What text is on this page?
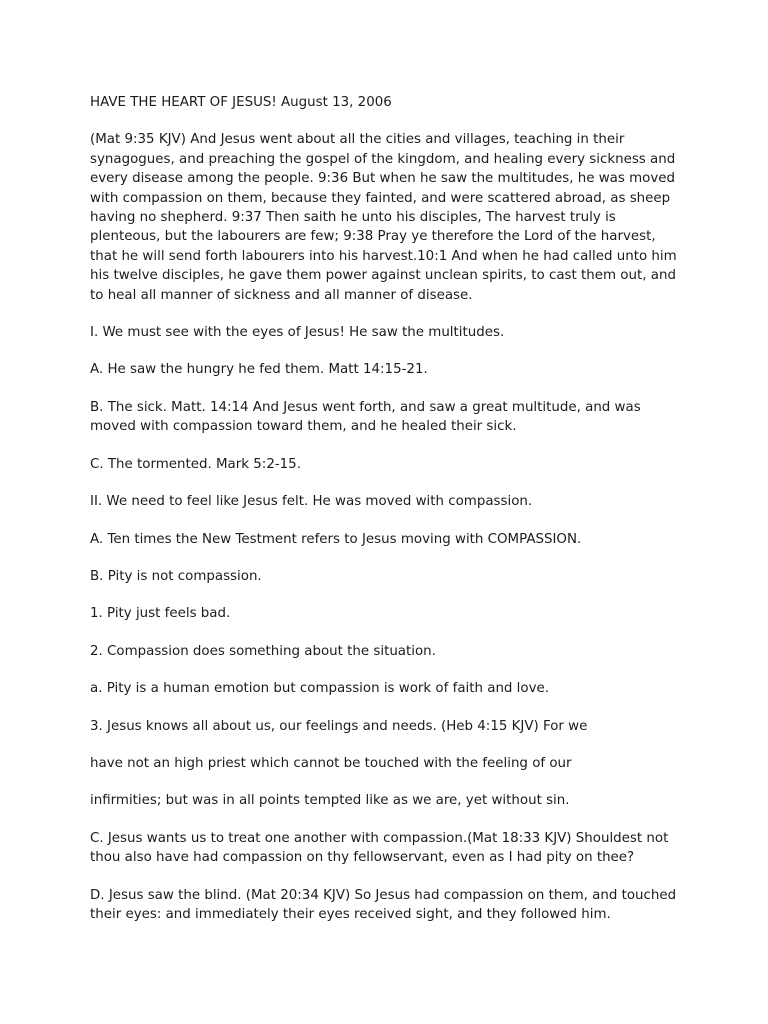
HAVE THE HEART OF JESUS! August 13, 2006

(Mat 9:35 KJV) And Jesus went about all the cities and villages, teaching in their synagogues, and preaching the gospel of the kingdom, and healing every sickness and every disease among the people. 9:36 But when he saw the multitudes, he was moved with compassion on them, because they fainted, and were scattered abroad, as sheep having no shepherd. 9:37 Then saith he unto his disciples, The harvest truly is plenteous, but the labourers are few; 9:38 Pray ye therefore the Lord of the harvest, that he will send forth labourers into his harvest.10:1 And when he had called unto him his twelve disciples, he gave them power against unclean spirits, to cast them out, and to heal all manner of sickness and all manner of disease.

I. We must see with the eyes of Jesus! He saw the multitudes.

A. He saw the hungry he fed them. Matt 14:15-21.

B. The sick. Matt. 14:14 And Jesus went forth, and saw a great multitude, and was moved with compassion toward them, and he healed their sick.

C. The tormented. Mark 5:2-15.

II. We need to feel like Jesus felt. He was moved with compassion.

A. Ten times the New Testment refers to Jesus moving with COMPASSION.

B. Pity is not compassion.

1. Pity just feels bad.

2. Compassion does something about the situation.

a. Pity is a human emotion but compassion is work of faith and love.

3. Jesus knows all about us, our feelings and needs. (Heb 4:15 KJV) For we

have not an high priest which cannot be touched with the feeling of our

infirmities; but was in all points tempted like as we are, yet without sin.

C. Jesus wants us to treat one another with compassion.(Mat 18:33 KJV) Shouldest not thou also have had compassion on thy fellowservant, even as I had pity on thee?

D. Jesus saw the blind. (Mat 20:34 KJV) So Jesus had compassion on them, and touched their eyes: and immediately their eyes received sight, and they followed him.
